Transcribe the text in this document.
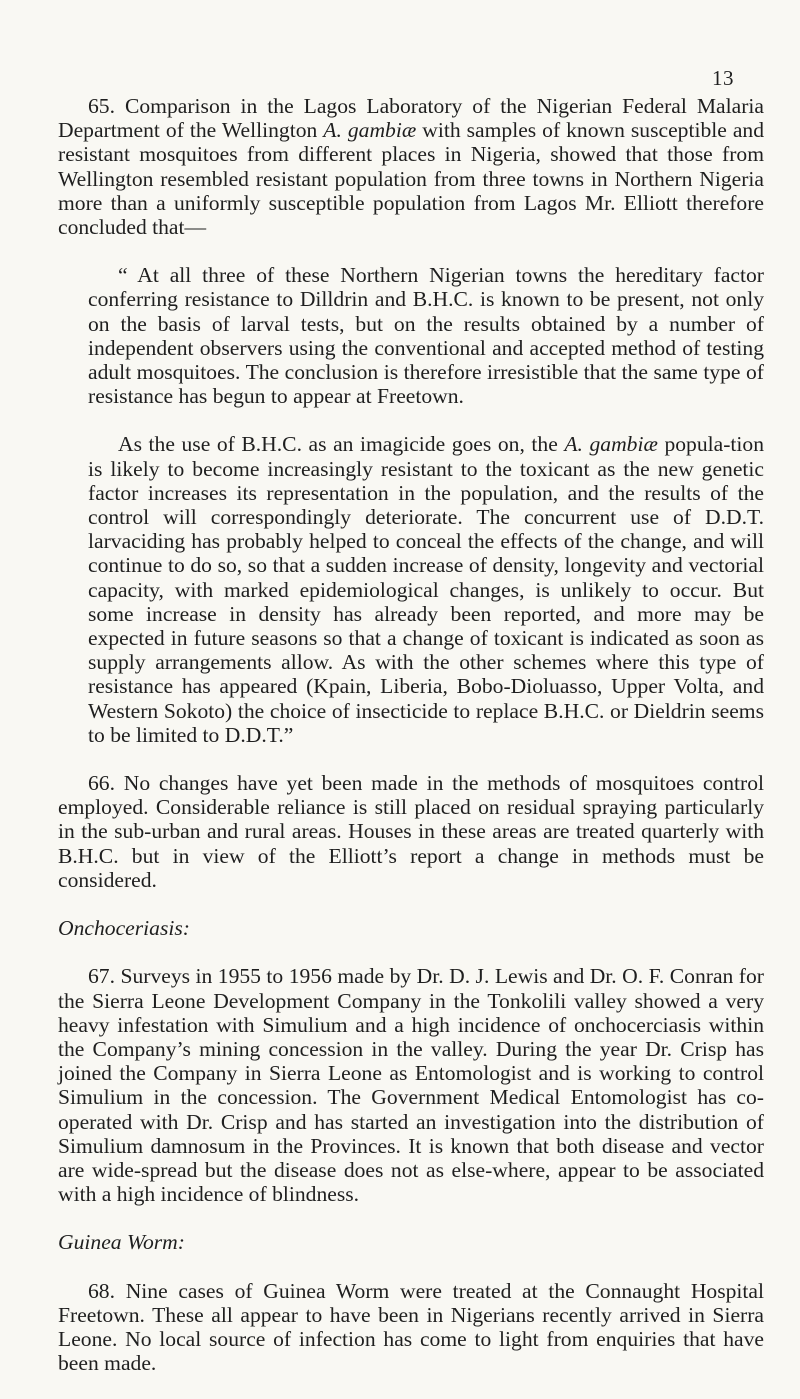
13

65. Comparison in the Lagos Laboratory of the Nigerian Federal Malaria Department of the Wellington A. gambiæ with samples of known susceptible and resistant mosquitoes from different places in Nigeria, showed that those from Wellington resembled resistant population from three towns in Northern Nigeria more than a uniformly susceptible population from Lagos Mr. Elliott therefore concluded that—

“ At all three of these Northern Nigerian towns the hereditary factor conferring resistance to Dilldrin and B.H.C. is known to be present, not only on the basis of larval tests, but on the results obtained by a number of independent observers using the conventional and accepted method of testing adult mosquitoes. The conclusion is therefore irresistible that the same type of resistance has begun to appear at Freetown.

As the use of B.H.C. as an imagicide goes on, the A. gambiæ popula-tion is likely to become increasingly resistant to the toxicant as the new genetic factor increases its representation in the population, and the results of the control will correspondingly deteriorate. The concurrent use of D.D.T. larvaciding has probably helped to conceal the effects of the change, and will continue to do so, so that a sudden increase of density, longevity and vectorial capacity, with marked epidemiological changes, is unlikely to occur. But some increase in density has already been reported, and more may be expected in future seasons so that a change of toxicant is indicated as soon as supply arrangements allow. As with the other schemes where this type of resistance has appeared (Kpain, Liberia, Bobo-Dioluasso, Upper Volta, and Western Sokoto) the choice of insecticide to replace B.H.C. or Dieldrin seems to be limited to D.D.T.”

66. No changes have yet been made in the methods of mosquitoes control employed. Considerable reliance is still placed on residual spraying particularly in the sub-urban and rural areas. Houses in these areas are treated quarterly with B.H.C. but in view of the Elliott’s report a change in methods must be considered.

Onchoceriasis:

67. Surveys in 1955 to 1956 made by Dr. D. J. Lewis and Dr. O. F. Conran for the Sierra Leone Development Company in the Tonkolili valley showed a very heavy infestation with Simulium and a high incidence of onchocerciasis within the Company’s mining concession in the valley. During the year Dr. Crisp has joined the Company in Sierra Leone as Entomologist and is working to control Simulium in the concession. The Government Medical Entomologist has co-operated with Dr. Crisp and has started an investigation into the distribution of Simulium damnosum in the Provinces. It is known that both disease and vector are wide-spread but the disease does not as else-where, appear to be associated with a high incidence of blindness.

Guinea Worm:

68. Nine cases of Guinea Worm were treated at the Connaught Hospital Freetown. These all appear to have been in Nigerians recently arrived in Sierra Leone. No local source of infection has come to light from enquiries that have been made.
